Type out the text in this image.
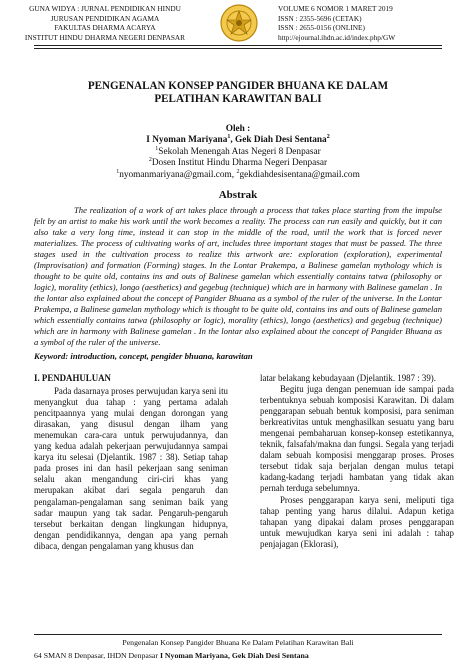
GUNA WIDYA : JURNAL PENDIDIKAN HINDU
JURUSAN PENDIDIKAN AGAMA
FAKULTAS DHARMA ACARYA
INSTITUT HINDU DHARMA NEGERI DENPASAR
VOLUME 6 NOMOR 1 MARET 2019
ISSN : 2355-5696 (CETAK)
ISSN : 2655-0156 (ONLINE)
http://ejournal.ihdn.ac.id/index.php/GW
PENGENALAN KONSEP PANGIDER BHUANA KE DALAM
PELATIHAN KARAWITAN BALI
Oleh :
I Nyoman Mariyana$^1$, Gek Diah Desi Sentana$^2$
$^1$Sekolah Menengah Atas Negeri 8 Denpasar
$^2$Dosen Institut Hindu Dharma Negeri Denpasar
$^1$nyomanmariyana@gmail.com, $^2$gekdiahdesisentana@gmail.com
Abstrak

The realization of a work of art takes place through a process that takes place starting from the impulse felt by an artist to make his work until the work becomes a reality. The process can run easily and quickly, but it can also take a very long time, instead it can stop in the middle of the road, until the work that is forced never materializes. The process of cultivating works of art, includes three important stages that must be passed. The three stages used in the cultivation process to realize this artwork are: exploration (exploration), experimental (Improvisation) and formation (Forming) stages. In the Lontar Prakempa, a Balinese gamelan mythology which is thought to be quite old, contains ins and outs of Balinese gamelan which essentially contains tatwa (philosophy or logic), morality (ethics), longo (aesthetics) and gegebug (technique) which are in harmony with Balinese gamelan . In the lontar also explained about the concept of Pangider Bhuana as a symbol of the ruler of the universe. In the Lontar Prakempa, a Balinese gamelan mythology which is thought to be quite old, contains ins and outs of Balinese gamelan which essentially contains tatwa (philosophy or logic), morality (ethics), longo (aesthetics) and gegebug (technique) which are in harmony with Balinese gamelan . In the lontar also explained about the concept of Pangider Bhuana as a symbol of the ruler of the universe.

Keyword: introduction, concept, pengider bhuana, karawitan
I. PENDAHULUAN

Pada dasarnaya proses perwujudan karya seni itu menyangkut dua tahap : yang pertama adalah pencitpaannya yang mulai dengan dorongan yang dirasakan, yang disusul dengan ilham yang menemukan cara-cara untuk perwujudannya, dan yang kedua adalah pekerjaan perwujudannya sampai karya itu selesai (Djelantik. 1987 : 38). Setiap tahap pada proses ini dan hasil pekerjaan sang seniman selalu akan mengandung ciri-ciri khas yang merupakan akibat dari segala pengaruh dan pengalaman-pengalaman sang seniman baik yang sadar maupun yang tak sadar. Pengaruh-pengaruh tersebut berkaitan dengan lingkungan hidupnya, dengan pendidikannya, dengan apa yang pernah dibaca, dengan pengalaman yang khusus dan

latar belakang kebudayaan (Djelantik. 1987 : 39).

Begitu juga dengan penemuan ide sampai pada terbentuknya sebuah komposisi Karawitan. Di dalam penggarapan sebuah bentuk komposisi, para seniman berkreativitas untuk menghasilkan sesuatu yang baru mengenai pembaharuan konsep-konsep estetikannya, teknik, falsafah/makna dan fungsi. Segala yang terjadi dalam sebuah komposisi menggarap proses. Proses tersebut tidak saja berjalan dengan mulus tetapi kadang-kadang terjadi hambatan yang tidak akan pernah terduga sebelumnya.

Proses penggarapan karya seni, meliputi tiga tahap penting yang harus dilalui. Adapun ketiga tahapan yang dipakai dalam proses penggarapan untuk mewujudkan karya seni ini adalah : tahap penjajagan (Eklorasi),

Pengenalan Konsep Pangider Bhuana Ke Dalam Pelatihan Karawitan Bali
64 SMAN 8 Denpasar, IHDN Denpasar I Nyoman Mariyana, Gek Diah Desi Sentana
